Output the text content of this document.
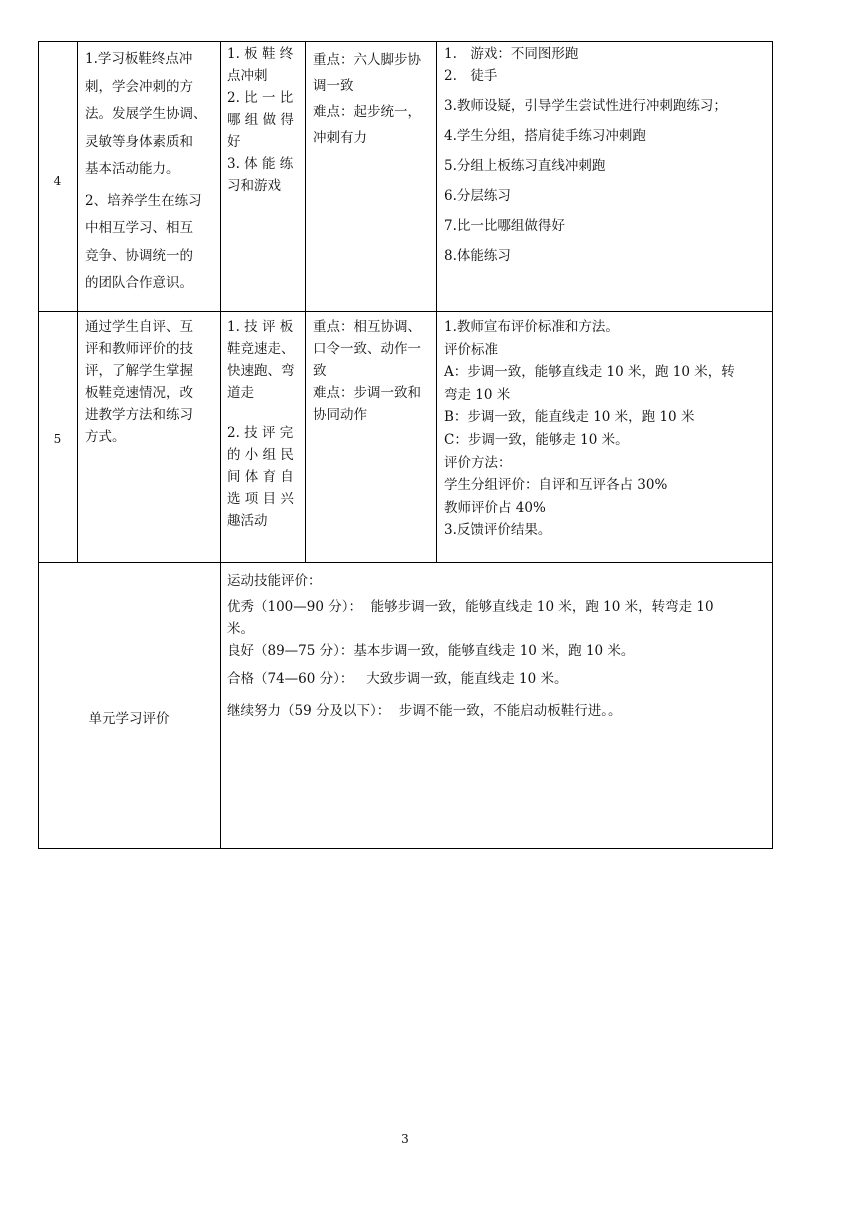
4
1.学习板鞋终点冲
刺，学会冲刺的方
法。发展学生协调、
灵敏等身体素质和
基本活动能力。
2、培养学生在练习
中相互学习、相互
竞争、协调统一的
的团队合作意识。
1. 板 鞋 终
点冲刺
2. 比 一 比
哪 组 做 得
好
3. 体 能 练
习和游戏
重点：六人脚步协
调一致
难点：起步统一，
冲刺有力
1.　游戏：不同图形跑
2.　徒手
3.教师设疑，引导学生尝试性进行冲刺跑练习；
4.学生分组，搭肩徒手练习冲刺跑
5.分组上板练习直线冲刺跑
6.分层练习
7.比一比哪组做得好
8.体能练习
5
通过学生自评、互
评和教师评价的技
评，了解学生掌握
板鞋竞速情况，改
进教学方法和练习
方式。
1. 技 评 板
鞋竞速走、
快速跑、弯
道走
2. 技 评 完
的 小 组 民
间 体 育 自
选 项 目 兴
趣活动
重点：相互协调、
口令一致、动作一
致
难点：步调一致和
协同动作
1.教师宣布评价标准和方法。
评价标准
A：步调一致，能够直线走 10 米，跑 10 米，转
弯走 10 米
B：步调一致，能直线走 10 米，跑 10 米
C：步调一致，能够走 10 米。
评价方法：
学生分组评价：自评和互评各占 30%
教师评价占 40%
3.反馈评价结果。
单元学习评价
运动技能评价：
优秀（100—90 分）：  能够步调一致，能够直线走 10 米，跑 10 米，转弯走 10
米。
良好（89—75 分）：基本步调一致，能够直线走 10 米，跑 10 米。
合格（74—60 分）：   大致步调一致，能直线走 10 米。
继续努力（59 分及以下）：  步调不能一致，不能启动板鞋行进。。
3
